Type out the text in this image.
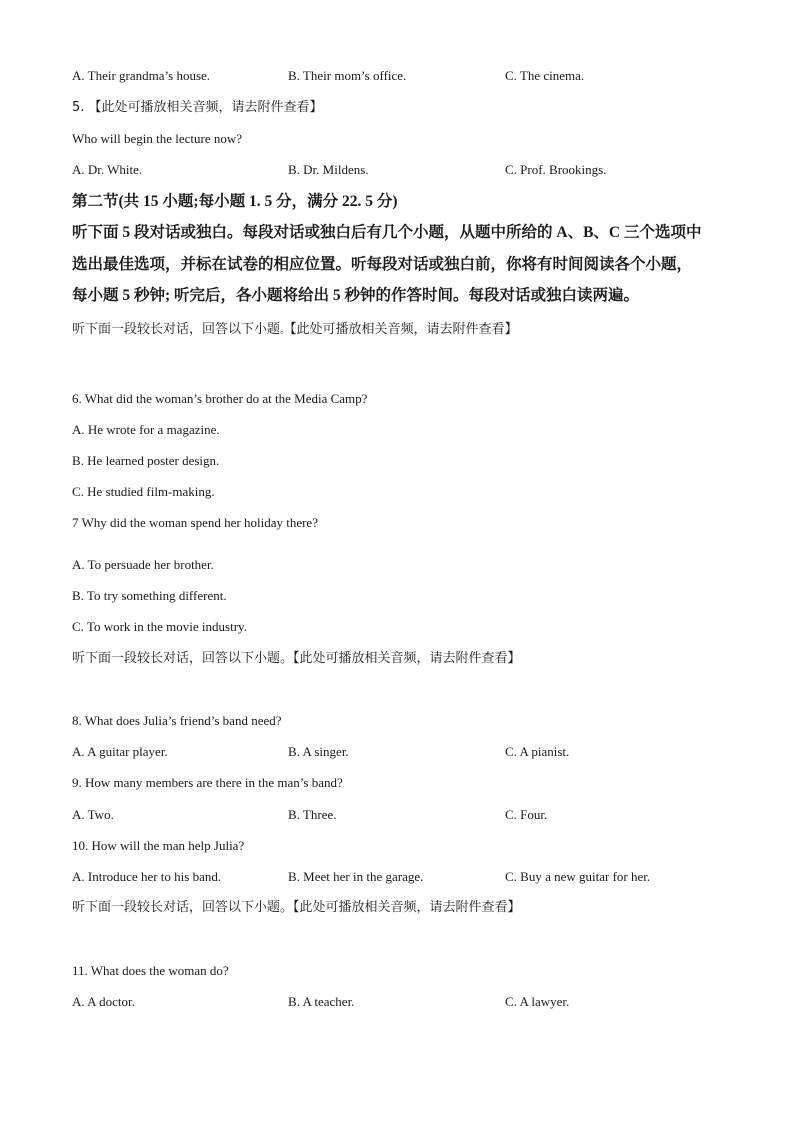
A. Their grandma’s house.	B. Their mom’s office.	C. The cinema.
5. 【此处可播放相关音频，请去附件查看】
Who will begin the lecture now?
A. Dr. White.	B. Dr. Mildens.	C. Prof. Brookings.
第二节(共 15 小题;每小题 1. 5 分，满分 22. 5 分)
听下面 5 段对话或独白。每段对话或独白后有几个小题，从题中所给的 A、B、C 三个选项中
选出最佳选项，并标在试卷的相应位置。听每段对话或独白前，你将有时间阅读各个小题，
每小题 5 秒钟; 听完后，各小题将给出 5 秒钟的作答时间。每段对话或独白读两遍。
听下面一段较长对话，回答以下小题。【此处可播放相关音频，请去附件查看】
6. What did the woman’s brother do at the Media Camp?
A. He wrote for a magazine.
B. He learned poster design.
C. He studied film-making.
7 Why did the woman spend her holiday there?
A. To persuade her brother.
B. To try something different.
C. To work in the movie industry.
听下面一段较长对话，回答以下小题。【此处可播放相关音频，请去附件查看】
8. What does Julia’s friend’s band need?
A. A guitar player.	B. A singer.	C. A pianist.
9. How many members are there in the man’s band?
A. Two.	B. Three.	C. Four.
10. How will the man help Julia?
A. Introduce her to his band.	B. Meet her in the garage.	C. Buy a new guitar for her.
听下面一段较长对话，回答以下小题。【此处可播放相关音频，请去附件查看】
11. What does the woman do?
A. A doctor.	B. A teacher.	C. A lawyer.
